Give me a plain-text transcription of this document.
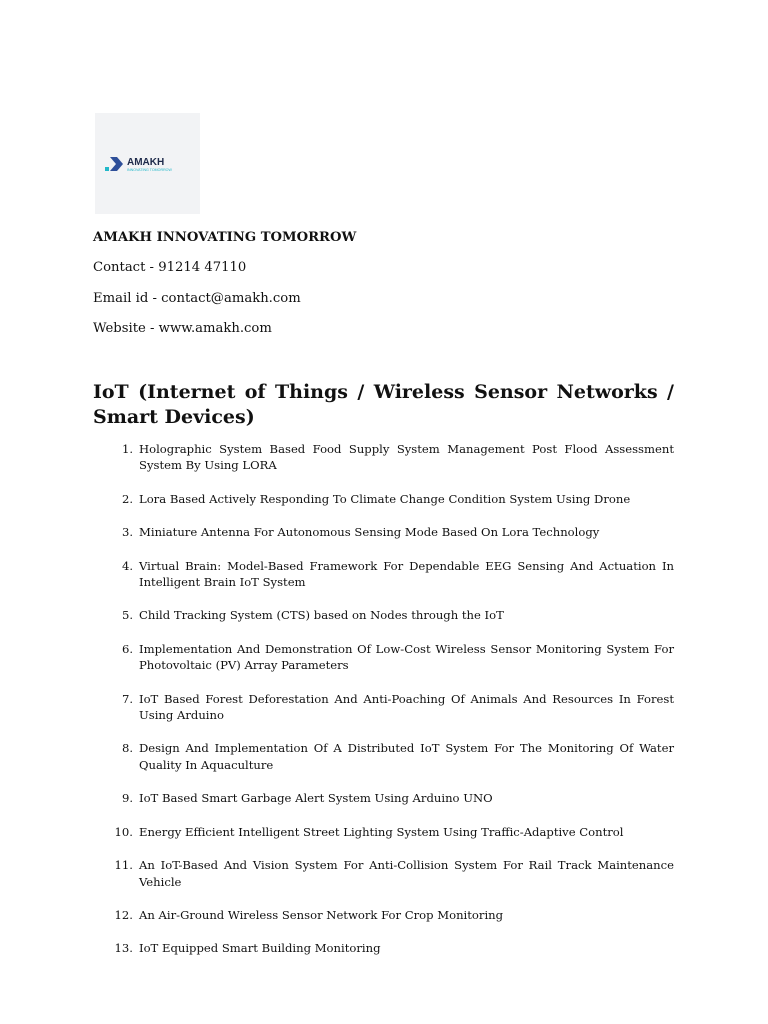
AMAKH
INNOVATING TOMORROW
AMAKH INNOVATING TOMORROW
Contact - 91214 47110
Email id - contact@amakh.com
Website - www.amakh.com
IoT (Internet of Things / Wireless Sensor Networks / Smart Devices)
1. Holographic System Based Food Supply System Management Post Flood Assessment System By Using LORA
2. Lora Based Actively Responding To Climate Change Condition System Using Drone
3. Miniature Antenna For Autonomous Sensing Mode Based On Lora Technology
4. Virtual Brain: Model-Based Framework For Dependable EEG Sensing And Actuation In Intelligent Brain IoT System
5. Child Tracking System (CTS) based on Nodes through the IoT
6. Implementation And Demonstration Of Low-Cost Wireless Sensor Monitoring System For Photovoltaic (PV) Array Parameters
7. IoT Based Forest Deforestation And Anti-Poaching Of Animals And Resources In Forest Using Arduino
8. Design And Implementation Of A Distributed IoT System For The Monitoring Of Water Quality In Aquaculture
9. IoT Based Smart Garbage Alert System Using Arduino UNO
10. Energy Efficient Intelligent Street Lighting System Using Traffic-Adaptive Control
11. An IoT-Based And Vision System For Anti-Collision System For Rail Track Maintenance Vehicle
12. An Air-Ground Wireless Sensor Network For Crop Monitoring
13. IoT Equipped Smart Building Monitoring
